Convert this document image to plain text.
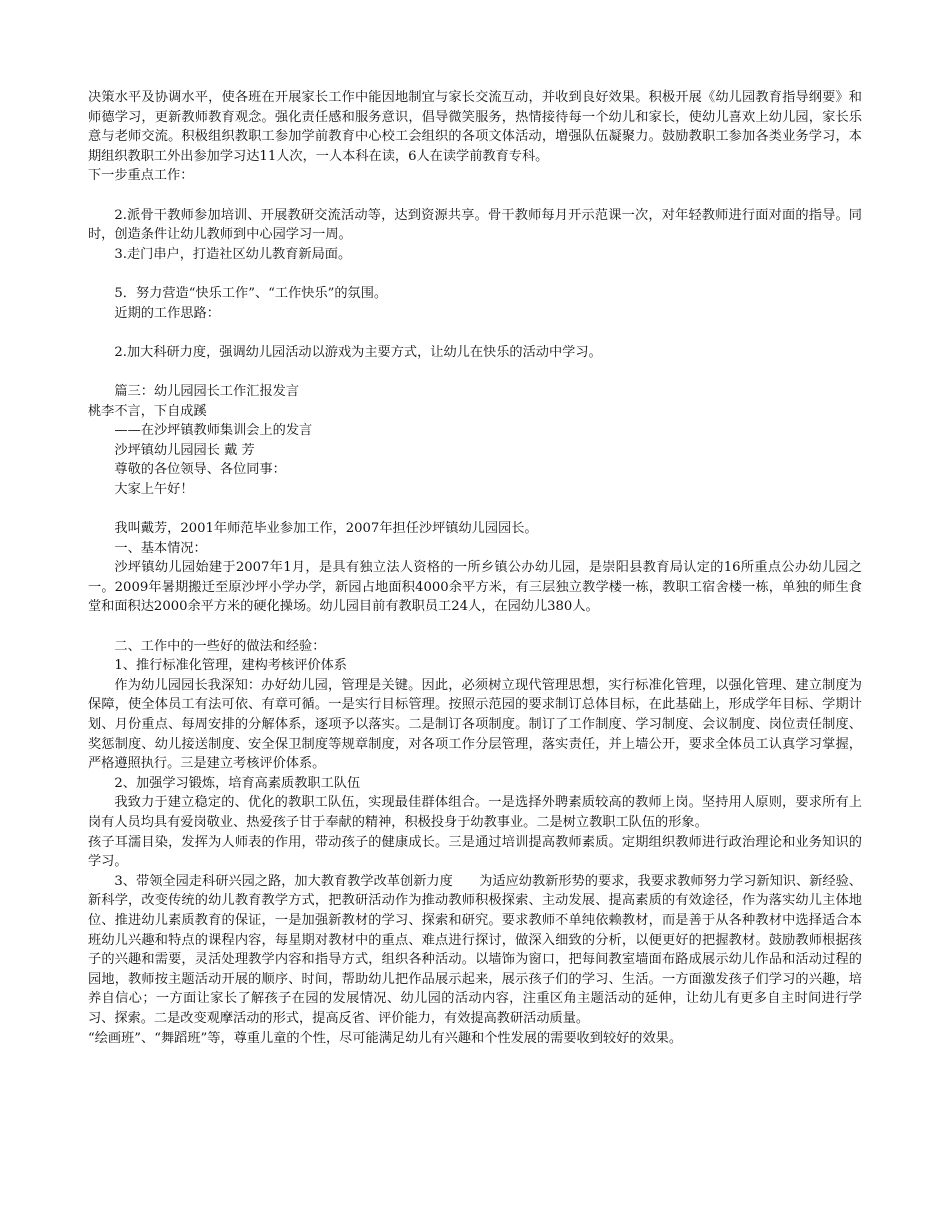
决策水平及协调水平，使各班在开展家长工作中能因地制宜与家长交流互动，并收到良好效果。积极开展《幼儿园教育指导纲要》和师德学习，更新教师教育观念。强化责任感和服务意识，倡导微笑服务，热情接待每一个幼儿和家长，使幼儿喜欢上幼儿园，家长乐意与老师交流。积极组织教职工参加学前教育中心校工会组织的各项文体活动，增强队伍凝聚力。鼓励教职工参加各类业务学习，本期组织教职工外出参加学习达11人次，一人本科在读，6人在读学前教育专科。
下一步重点工作：
2.派骨干教师参加培训、开展教研交流活动等，达到资源共享。骨干教师每月开示范课一次，对年轻教师进行面对面的指导。同时，创造条件让幼儿教师到中心园学习一周。
3.走门串户，打造社区幼儿教育新局面。
5．努力营造“快乐工作”、“工作快乐”的氛围。
近期的工作思路：
2.加大科研力度，强调幼儿园活动以游戏为主要方式，让幼儿在快乐的活动中学习。
篇三：幼儿园园长工作汇报发言
桃李不言，下自成蹊
——在沙坪镇教师集训会上的发言
沙坪镇幼儿园园长 戴 芳
尊敬的各位领导、各位同事：
大家上午好！
我叫戴芳，2001年师范毕业参加工作，2007年担任沙坪镇幼儿园园长。
一、基本情况：
沙坪镇幼儿园始建于2007年1月，是具有独立法人资格的一所乡镇公办幼儿园，是崇阳县教育局认定的16所重点公办幼儿园之一。2009年暑期搬迁至原沙坪小学办学，新园占地面积4000余平方米，有三层独立教学楼一栋，教职工宿舍楼一栋，单独的师生食堂和面积达2000余平方米的硬化操场。幼儿园目前有教职员工24人，在园幼儿380人。
二、工作中的一些好的做法和经验：
1、推行标准化管理，建构考核评价体系
作为幼儿园园长我深知：办好幼儿园，管理是关键。因此，必须树立现代管理思想，实行标准化管理，以强化管理、建立制度为保障，使全体员工有法可依、有章可循。一是实行目标管理。按照示范园的要求制订总体目标，在此基础上，形成学年目标、学期计划、月份重点、每周安排的分解体系，逐项予以落实。二是制订各项制度。制订了工作制度、学习制度、会议制度、岗位责任制度、奖惩制度、幼儿接送制度、安全保卫制度等规章制度，对各项工作分层管理，落实责任，并上墙公开，要求全体员工认真学习掌握，严格遵照执行。三是建立考核评价体系。
2、加强学习锻炼，培育高素质教职工队伍
我致力于建立稳定的、优化的教职工队伍，实现最佳群体组合。一是选择外聘素质较高的教师上岗。坚持用人原则，要求所有上岗有人员均具有爱岗敬业、热爱孩子甘于奉献的精神，积极投身于幼教事业。二是树立教职工队伍的形象。
孩子耳濡目染，发挥为人师表的作用，带动孩子的健康成长。三是通过培训提高教师素质。定期组织教师进行政治理论和业务知识的学习。
3、带领全园走科研兴园之路，加大教育教学改革创新力度　　为适应幼教新形势的要求，我要求教师努力学习新知识、新经验、新科学，改变传统的幼儿教育教学方式，把教研活动作为推动教师积极探索、主动发展、提高素质的有效途径，作为落实幼儿主体地位、推进幼儿素质教育的保证，一是加强新教材的学习、探索和研究。要求教师不单纯依赖教材，而是善于从各种教材中选择适合本班幼儿兴趣和特点的课程内容，每星期对教材中的重点、难点进行探讨，做深入细致的分析，以便更好的把握教材。鼓励教师根据孩子的兴趣和需要，灵活处理教学内容和指导方式，组织各种活动。以墙饰为窗口，把每间教室墙面布路成展示幼儿作品和活动过程的园地，教师按主题活动开展的顺序、时间，帮助幼儿把作品展示起来，展示孩子们的学习、生活。一方面激发孩子们学习的兴趣，培养自信心；一方面让家长了解孩子在园的发展情况、幼儿园的活动内容，注重区角主题活动的延伸，让幼儿有更多自主时间进行学习、探索。二是改变观摩活动的形式，提高反省、评价能力，有效提高教研活动质量。
“绘画班”、“舞蹈班”等，尊重儿童的个性，尽可能满足幼儿有兴趣和个性发展的需要收到较好的效果。
